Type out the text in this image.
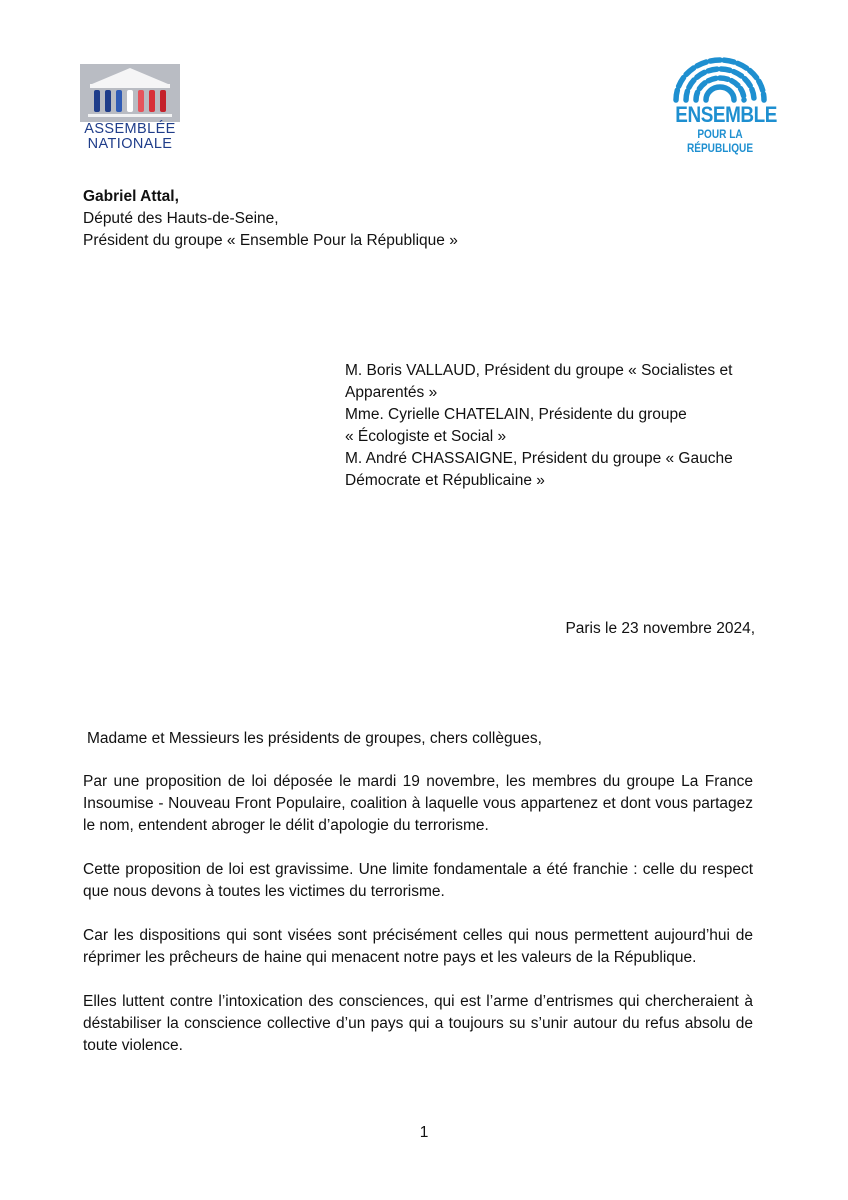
ASSEMBLÉE
NATIONALE
ENSEMBLE
POUR LA RÉPUBLIQUE
Gabriel Attal,
Député des Hauts-de-Seine,
Président du groupe « Ensemble Pour la République »
M. Boris VALLAUD, Président du groupe « Socialistes et
Apparentés »
Mme. Cyrielle CHATELAIN, Présidente du groupe
« Écologiste et Social »
M. André CHASSAIGNE, Président du groupe « Gauche
Démocrate et Républicaine »
Paris le 23 novembre 2024,
Madame et Messieurs les présidents de groupes, chers collègues,

Par une proposition de loi déposée le mardi 19 novembre, les membres du groupe La France Insoumise - Nouveau Front Populaire, coalition à laquelle vous appartenez et dont vous partagez le nom, entendent abroger le délit d’apologie du terrorisme.

Cette proposition de loi est gravissime. Une limite fondamentale a été franchie : celle du respect que nous devons à toutes les victimes du terrorisme.

Car les dispositions qui sont visées sont précisément celles qui nous permettent aujourd’hui de réprimer les prêcheurs de haine qui menacent notre pays et les valeurs de la République.

Elles luttent contre l’intoxication des consciences, qui est l’arme d’entrismes qui chercheraient à déstabiliser la conscience collective d’un pays qui a toujours su s’unir autour du refus absolu de toute violence.

1
